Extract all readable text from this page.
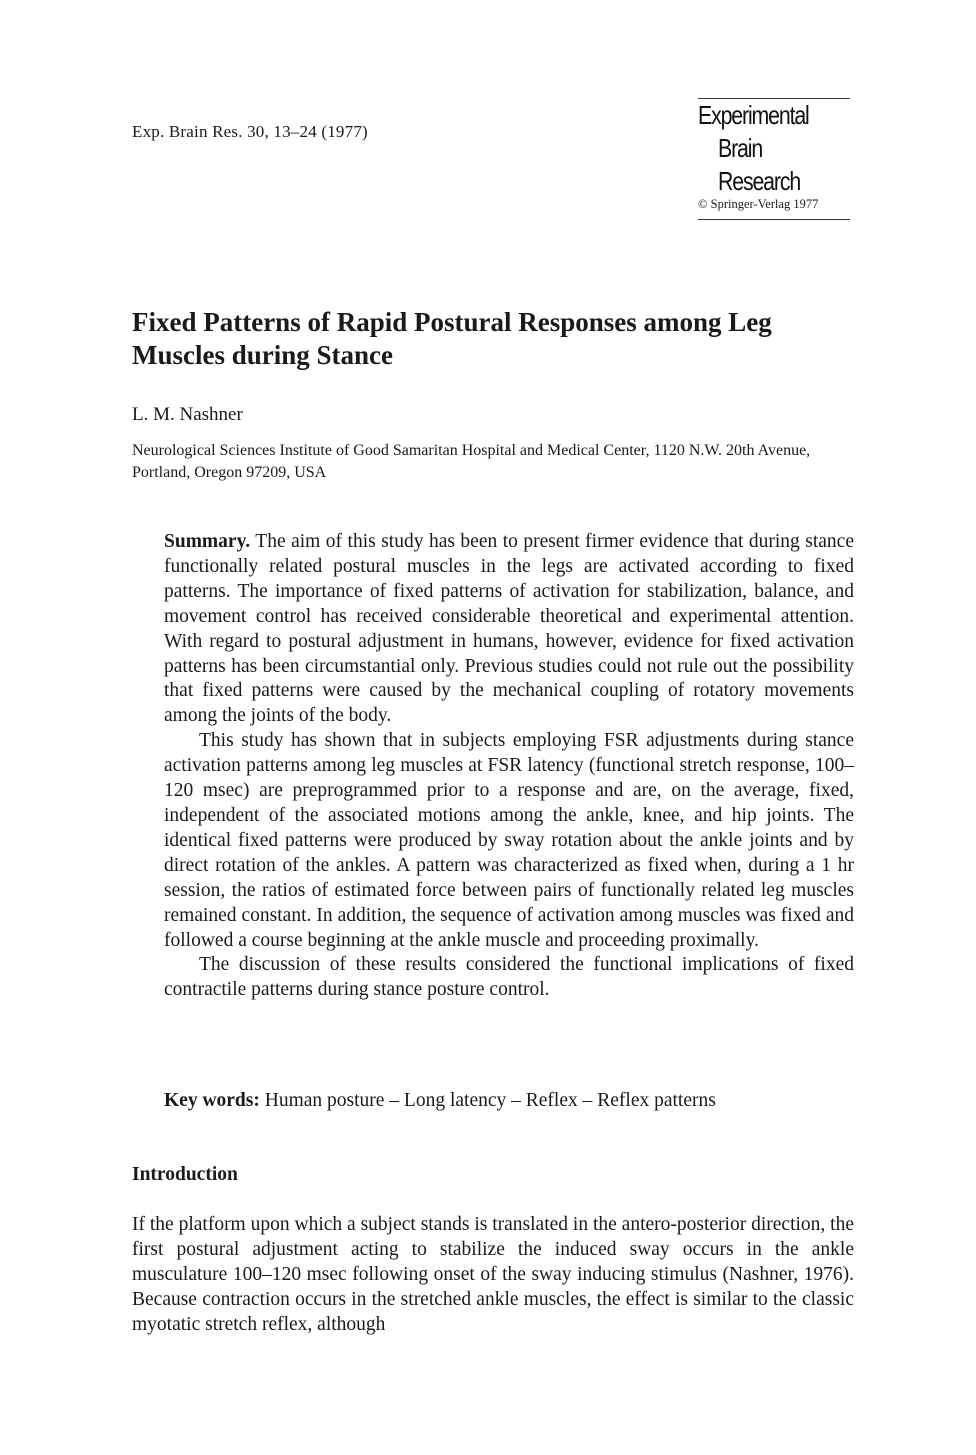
Exp. Brain Res. 30, 13–24 (1977)
Experimental
Brain
Research
© Springer-Verlag 1977
Fixed Patterns of Rapid Postural Responses among Leg Muscles during Stance
L. M. Nashner

Neurological Sciences Institute of Good Samaritan Hospital and Medical Center, 1120 N.W. 20th Avenue, Portland, Oregon 97209, USA

Summary. The aim of this study has been to present firmer evidence that during stance functionally related postural muscles in the legs are activated according to fixed patterns. The importance of fixed patterns of activation for stabilization, balance, and movement control has received considerable theoretical and experimental attention. With regard to postural adjustment in humans, however, evidence for fixed activation patterns has been circumstantial only. Previous studies could not rule out the possibility that fixed patterns were caused by the mechanical coupling of rotatory movements among the joints of the body.

This study has shown that in subjects employing FSR adjustments during stance activation patterns among leg muscles at FSR latency (functional stretch response, 100–120 msec) are preprogrammed prior to a response and are, on the average, fixed, independent of the associated motions among the ankle, knee, and hip joints. The identical fixed patterns were produced by sway rotation about the ankle joints and by direct rotation of the ankles. A pattern was characterized as fixed when, during a 1 hr session, the ratios of estimated force between pairs of functionally related leg muscles remained constant. In addition, the sequence of activation among muscles was fixed and followed a course beginning at the ankle muscle and proceeding proximally.

The discussion of these results considered the functional implications of fixed contractile patterns during stance posture control.

Key words: Human posture – Long latency – Reflex – Reflex patterns
Introduction

If the platform upon which a subject stands is translated in the antero-posterior direction, the first postural adjustment acting to stabilize the induced sway occurs in the ankle musculature 100–120 msec following onset of the sway inducing stimulus (Nashner, 1976). Because contraction occurs in the stretched ankle muscles, the effect is similar to the classic myotatic stretch reflex, although
